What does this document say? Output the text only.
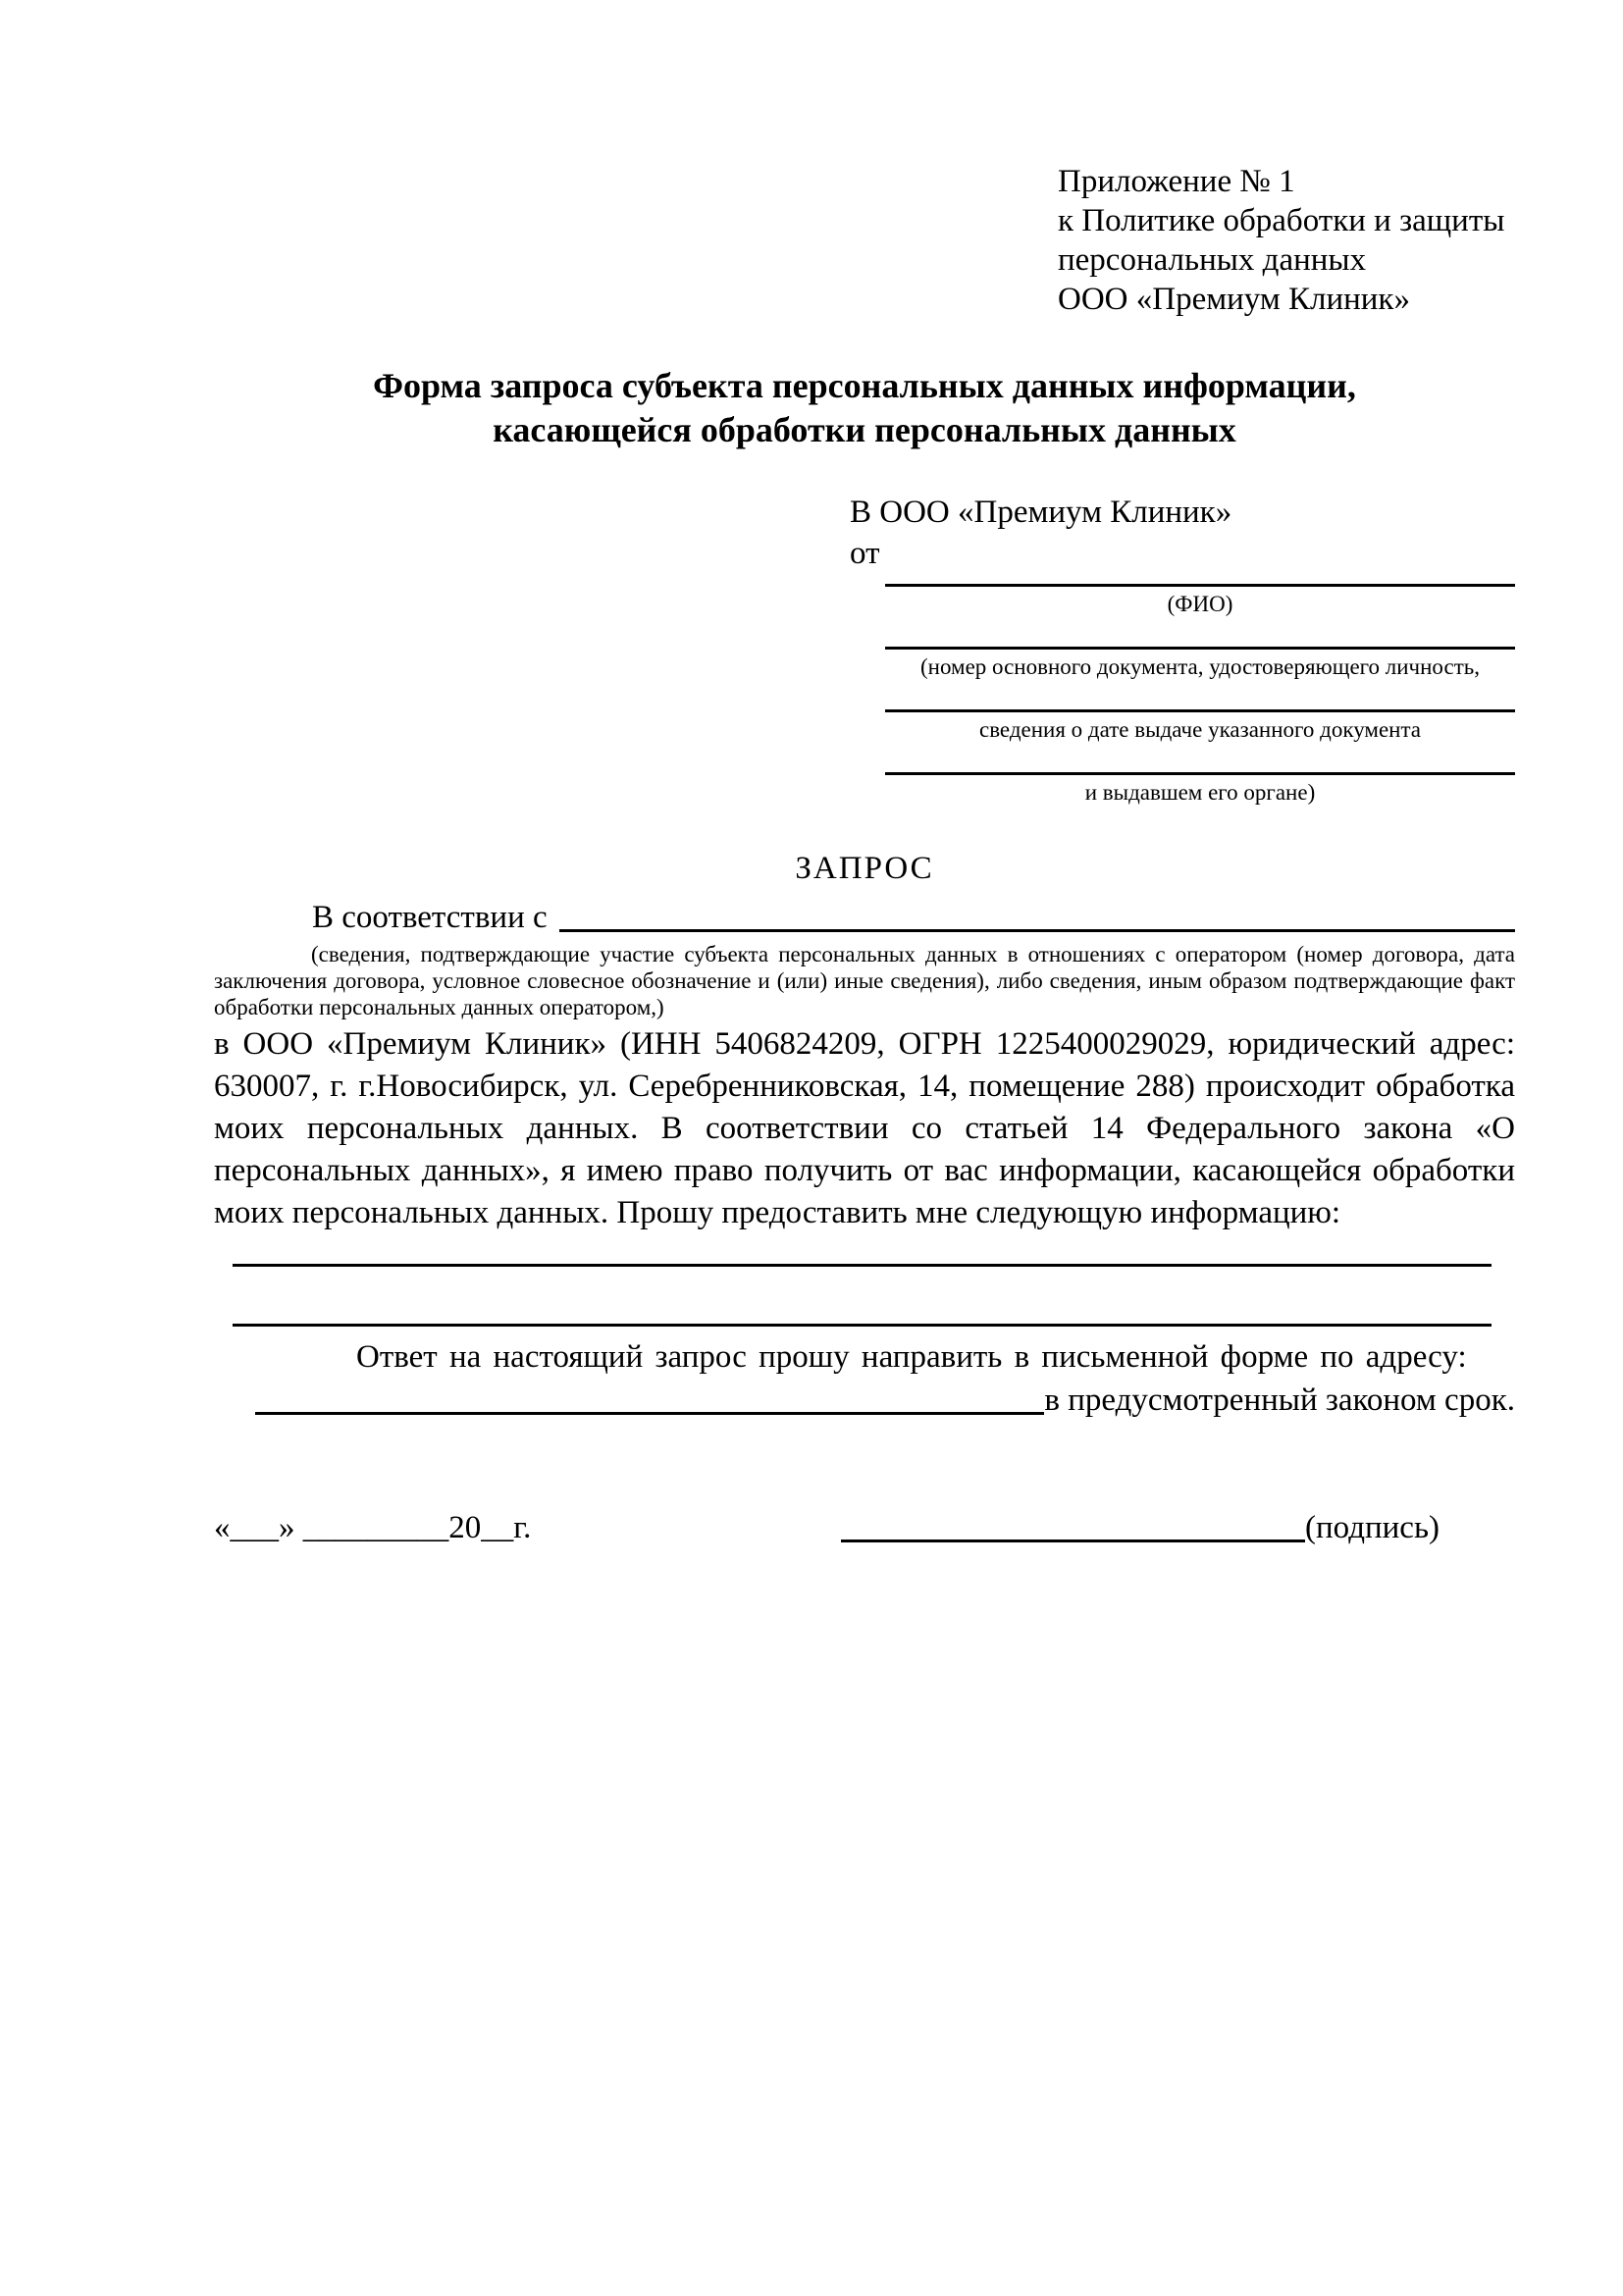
Приложение № 1
к Политике обработки и защиты
персональных данных
ООО «Премиум Клиник»
Форма запроса субъекта персональных данных информации, касающейся обработки персональных данных
В ООО «Премиум Клиник»
от
(ФИО)
(номер основного документа, удостоверяющего личность,
сведения о дате выдаче указанного документа
и выдавшем его органе)
ЗАПРОС
В соответствии с

(сведения, подтверждающие участие субъекта персональных данных в отношениях с оператором (номер договора, дата заключения договора, условное словесное обозначение и (или) иные сведения), либо сведения, иным образом подтверждающие факт обработки персональных данных оператором,)

в ООО «Премиум Клиник» (ИНН 5406824209, ОГРН 1225400029029, юридический адрес: 630007, г. г.Новосибирск, ул. Серебренниковская, 14, помещение 288) происходит обработка моих персональных данных. В соответствии со статьей 14 Федерального закона «О персональных данных», я имею право получить от вас информации, касающейся обработки моих персональных данных. Прошу предоставить мне следующую информацию:

Ответ на настоящий запрос прошу направить в письменной форме по адресу:

в предусмотренный законом срок.
«___» _________20__г.	(подпись)
